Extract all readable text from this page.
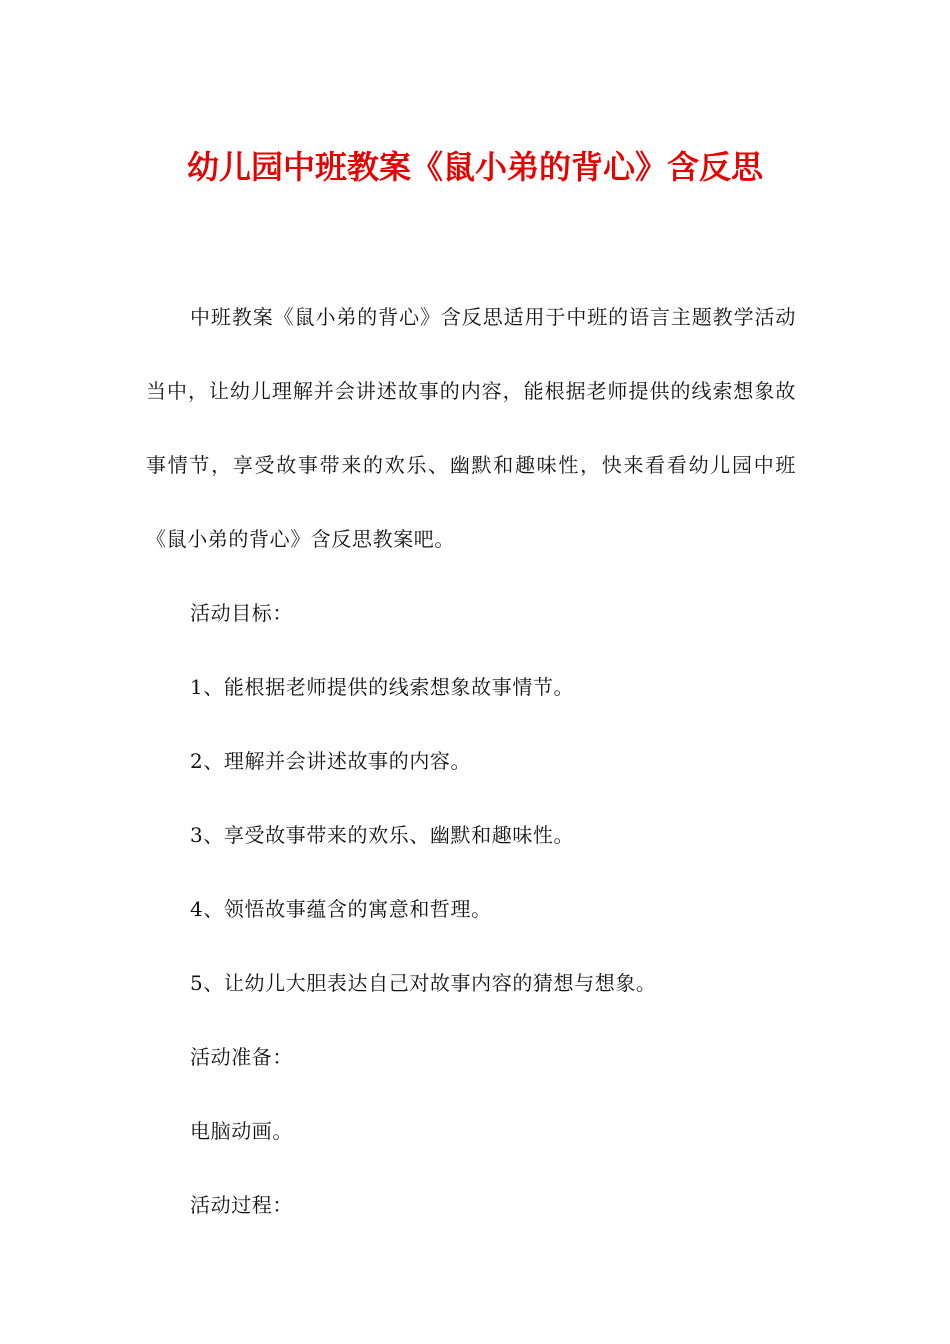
幼儿园中班教案《鼠小弟的背心》含反思

中班教案《鼠小弟的背心》含反思适用于中班的语言主题教学活动当中，让幼儿理解并会讲述故事的内容，能根据老师提供的线索想象故事情节，享受故事带来的欢乐、幽默和趣味性，快来看看幼儿园中班《鼠小弟的背心》含反思教案吧。

活动目标：

1、能根据老师提供的线索想象故事情节。

2、理解并会讲述故事的内容。

3、享受故事带来的欢乐、幽默和趣味性。

4、领悟故事蕴含的寓意和哲理。

5、让幼儿大胆表达自己对故事内容的猜想与想象。

活动准备：

电脑动画。

活动过程：
